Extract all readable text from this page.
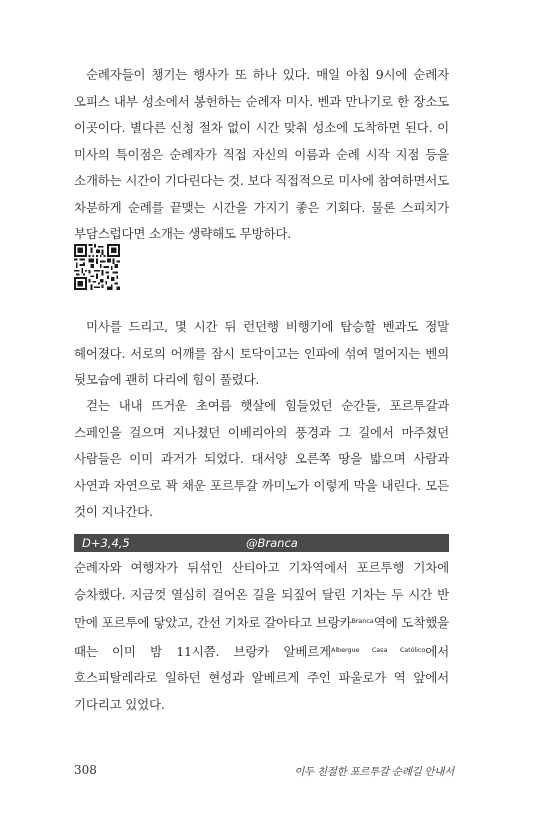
순례자들이 챙기는 행사가 또 하나 있다. 매일 아침 9시에 순례자 오피스 내부 성소에서 봉헌하는 순례자 미사. 벤과 만나기로 한 장소도 이곳이다. 별다른 신청 절차 없이 시간 맞춰 성소에 도착하면 된다. 이 미사의 특이점은 순례자가 직접 자신의 이름과 순례 시작 지점 등을 소개하는 시간이 기다린다는 것. 보다 직접적으로 미사에 참여하면서도 차분하게 순례를 끝맺는 시간을 가지기 좋은 기회다. 물론 스피치가 부담스럽다면 소개는 생략해도 무방하다.

미사를 드리고, 몇 시간 뒤 런던행 비행기에 탑승할 벤과도 정말 헤어졌다. 서로의 어깨를 잠시 토닥이고는 인파에 섞여 멀어지는 벤의 뒷모습에 괜히 다리에 힘이 풀렸다.

걷는 내내 뜨거운 초여름 햇살에 힘들었던 순간들, 포르투갈과 스페인을 걸으며 지나쳤던 이베리아의 풍경과 그 길에서 마주쳤던 사람들은 이미 과거가 되었다. 대서양 오른쪽 땅을 밟으며 사람과 사연과 자연으로 꽉 채운 포르투갈 까미노가 이렇게 막을 내린다. 모든 것이 지나간다.

D+3,4,5	@Branca

순례자와 여행자가 뒤섞인 산티아고 기차역에서 포르투행 기차에 승차했다. 지금껏 열심히 걸어온 길을 되짚어 달린 기차는 두 시간 반 만에 포르투에 닿았고, 간선 기차로 갈아타고 브랑카$^{Branca}$역에 도착했을 때는 이미 밤 11시쯤. 브랑카 알베르게$^{Albergue Casa Católico}$에서 호스피탈레라로 일하던 현성과 알베르게 주인 파울로가 역 앞에서 기다리고 있었다.

308	이두 친절한 포르투갈 순례길 안내서
